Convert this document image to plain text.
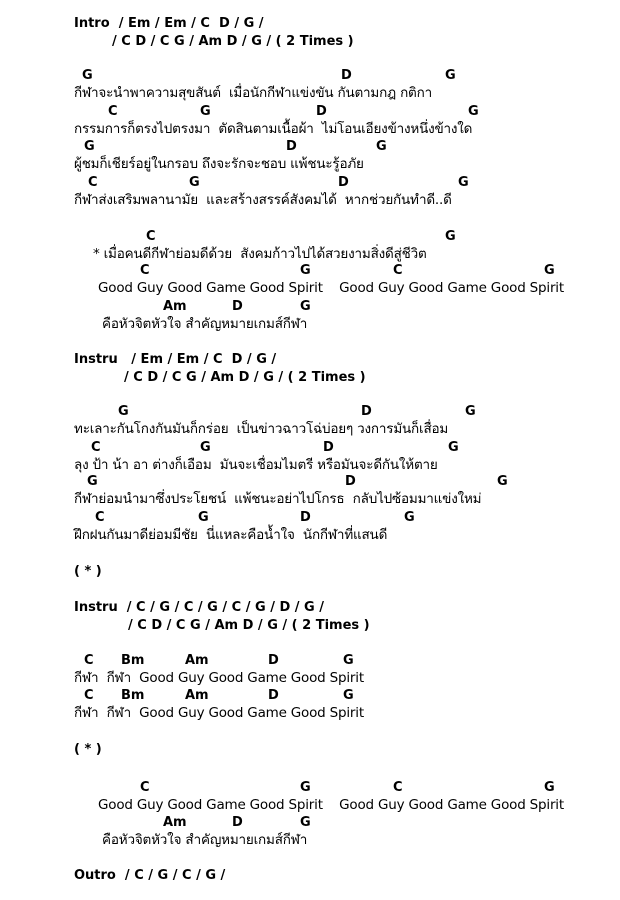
Intro  / Em / Em / C  D / G /
/ C D / C G / Am D / G / ( 2 Times )
G	D	G
กีฬาจะนำพาความสุขสันต์  เมื่อนักกีฬาแข่งขัน กันตามกฎ กติกา
C	G	D	G
กรรมการก็ตรงไปตรงมา  ตัดสินตามเนื้อผ้า  ไม่โอนเอียงข้างหนึ่งข้างใด
G	D	G
ผู้ชมก็เชียร์อยู่ในกรอบ ถึงจะรักจะชอบ แพ้ชนะรู้อภัย
C	G	D	G
กีฬาส่งเสริมพลานามัย  และสร้างสรรค์สังคมได้  หากช่วยกันทำดี..ดี
C	G
* เมื่อคนดีกีฬาย่อมดีด้วย  สังคมก้าวไปได้สวยงามสิ่งดีสู่ชีวิต
C	G	C	G
Good Guy Good Game Good Spirit    Good Guy Good Game Good Spirit
Am	D	G
คือหัวจิตหัวใจ สำคัญหมายเกมส์กีฬา
Instru   / Em / Em / C  D / G /
/ C D / C G / Am D / G / ( 2 Times )
G	D	G
ทะเลาะกันโกงกันมันก็กร่อย  เป็นข่าวฉาวโฉ่บ่อยๆ วงการมันก็เสื่อม
C	G	D	G
ลุง ป้า น้า อา ต่างก็เอือม  มันจะเชื่อมไมตรี หรือมันจะดีกันให้ตาย
G	D	G
กีฬาย่อมนำมาซึ่งประโยชน์  แพ้ชนะอย่าไปโกรธ  กลับไปซ้อมมาแข่งใหม่
C	G	D	G
ฝึกฝนกันมาดีย่อมมีชัย  นี่แหละคือน้ำใจ  นักกีฬาที่แสนดี
( * )
Instru  / C / G / C / G / C / G / D / G /
/ C D / C G / Am D / G / ( 2 Times )
C Bm	Am	D	G
กีฬา  กีฬา  Good Guy Good Game Good Spirit
C Bm	Am	D	G
กีฬา  กีฬา  Good Guy Good Game Good Spirit
( * )
C	G	C	G
Good Guy Good Game Good Spirit    Good Guy Good Game Good Spirit
Am	D	G
คือหัวจิตหัวใจ สำคัญหมายเกมส์กีฬา
Outro  / C / G / C / G /
